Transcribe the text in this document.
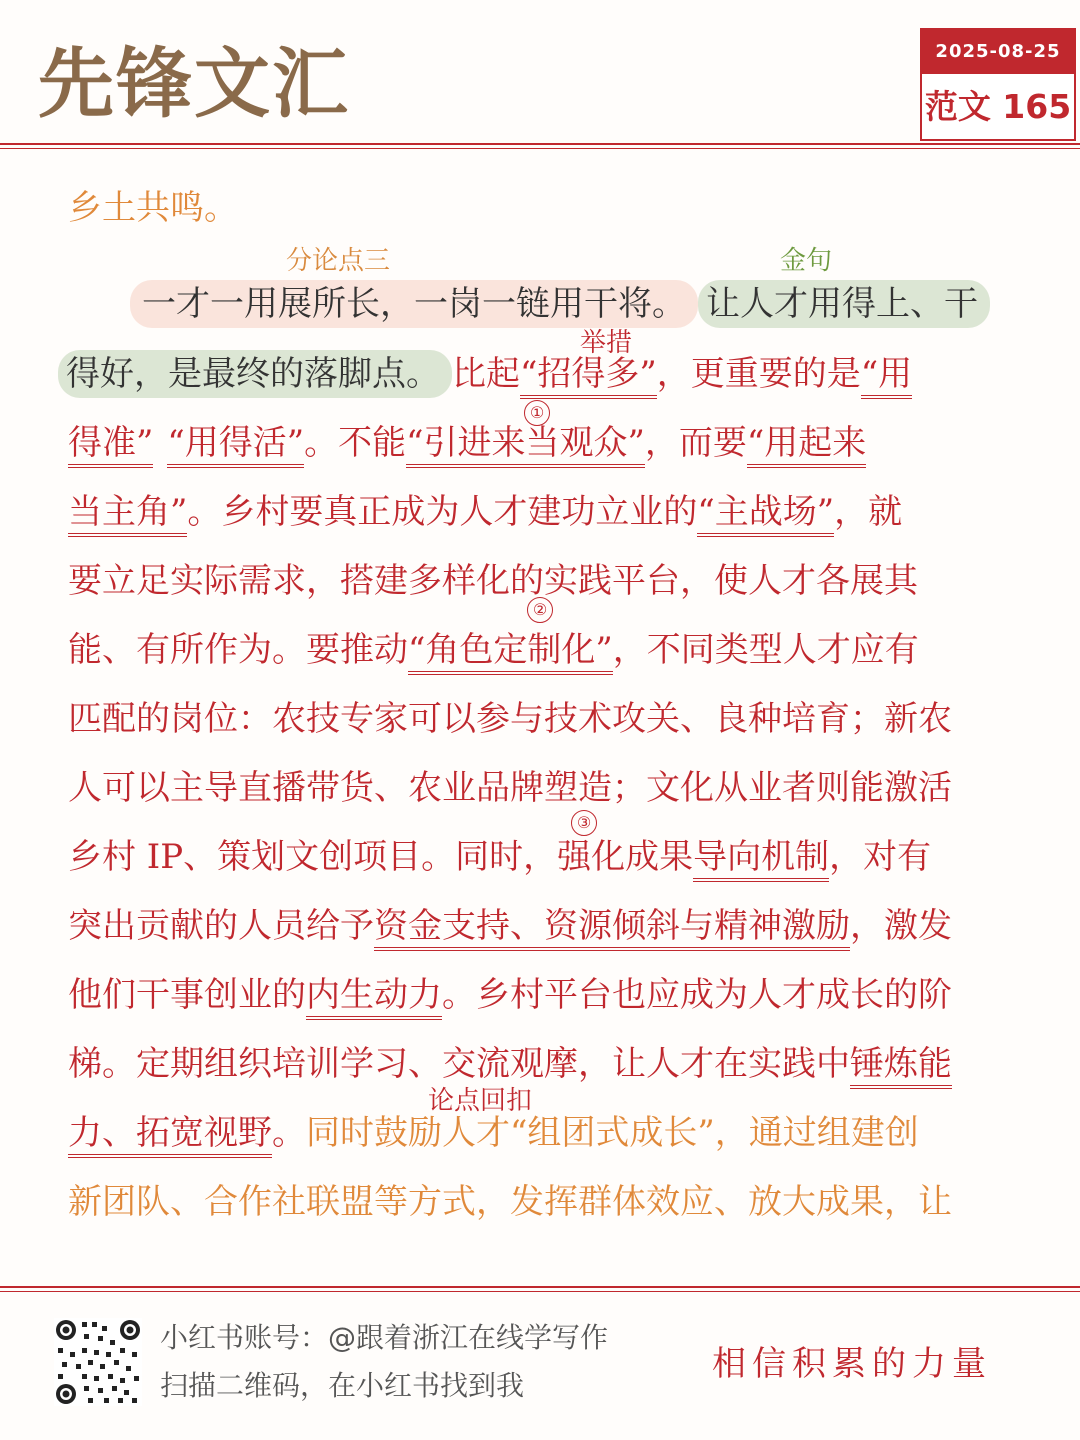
先锋文汇	2025-08-25
范文 165
分论点三	金句
举措
①
②
③
论点回扣
乡土共鸣。
一才一用展所长，一岗一链用干将。 让人才用得上、干
得好，是最终的落脚点。 比起“招得多”，更重要的是“用
得准” “用得活”。不能“引进来当观众”，而要“用起来
当主角”。乡村要真正成为人才建功立业的“主战场”，就
要立足实际需求，搭建多样化的实践平台，使人才各展其
能、有所作为。要推动“角色定制化”，不同类型人才应有
匹配的岗位：农技专家可以参与技术攻关、良种培育；新农
人可以主导直播带货、农业品牌塑造；文化从业者则能激活
乡村 IP、策划文创项目。同时，强化成果导向机制，对有
突出贡献的人员给予资金支持、资源倾斜与精神激励，激发
他们干事创业的内生动力。乡村平台也应成为人才成长的阶
梯。定期组织培训学习、交流观摩，让人才在实践中锤炼能
力、拓宽视野。同时鼓励人才“组团式成长”，通过组建创
新团队、合作社联盟等方式，发挥群体效应、放大成果，让
小红书账号：@跟着浙江在线学写作
扫描二维码，在小红书找到我
相信积累的力量
